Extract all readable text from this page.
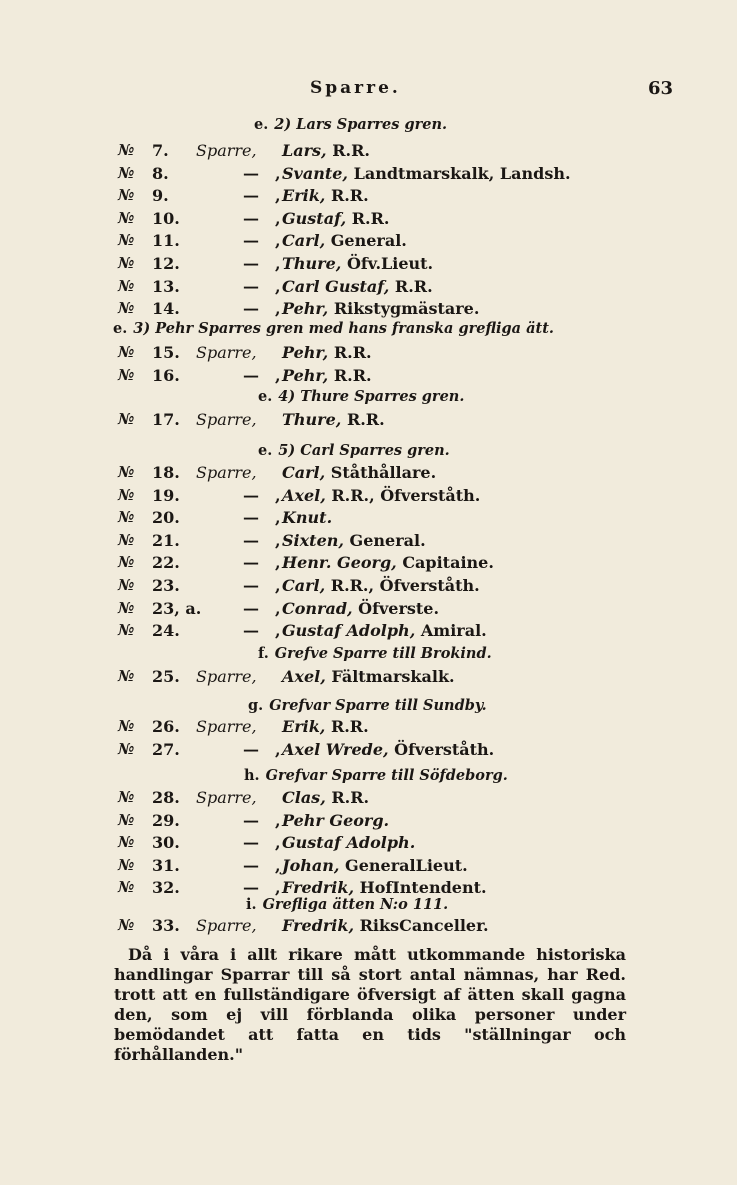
Sparre.	63
e. 2) Lars Sparres gren.
№ 7. Sparre, Lars, R.R.
№ 8.	— , Svante, Landtmarskalk, Landsh.
№ 9.	— , Erik, R.R.
№ 10.	— , Gustaf, R.R.
№ 11.	— , Carl, General.
№ 12.	— , Thure, Öfv.Lieut.
№ 13.	— , Carl Gustaf, R.R.
№ 14.	— , Pehr, Rikstygmästare.
e. 3) Pehr Sparres gren med hans franska grefliga ätt.
№ 15. Sparre, Pehr, R.R.
№ 16.	— , Pehr, R.R.
e. 4) Thure Sparres gren.
№ 17. Sparre, Thure, R.R.
e. 5) Carl Sparres gren.
№ 18. Sparre, Carl, Ståthållare.
№ 19.	— , Axel, R.R., Öfverståth.
№ 20.	— , Knut.
№ 21.	— , Sixten, General.
№ 22.	— , Henr. Georg, Capitaine.
№ 23.	— , Carl, R.R., Öfverståth.
№ 23, a.	— , Conrad, Öfverste.
№ 24.	— , Gustaf Adolph, Amiral.
f. Grefve Sparre till Brokind.
№ 25. Sparre, Axel, Fältmarskalk.
g. Grefvar Sparre till Sundby.
№ 26. Sparre, Erik, R.R.
№ 27.	— , Axel Wrede, Öfverståth.
h. Grefvar Sparre till Söfdeborg.
№ 28. Sparre, Clas, R.R.
№ 29.	— , Pehr Georg.
№ 30.	— , Gustaf Adolph.
№ 31.	— , Johan, GeneralLieut.
№ 32.	— , Fredrik, HofIntendent.
i. Grefliga ätten N:o 111.
№ 33. Sparre, Fredrik, RiksCanceller.
Då i våra i allt rikare mått utkommande historiska handlingar Sparrar till så stort antal nämnas, har Red. trott att en fullständigare öfversigt af ätten skall gagna den, som ej vill förblanda olika personer under bemödandet att fatta en tids "ställningar och förhållanden."
